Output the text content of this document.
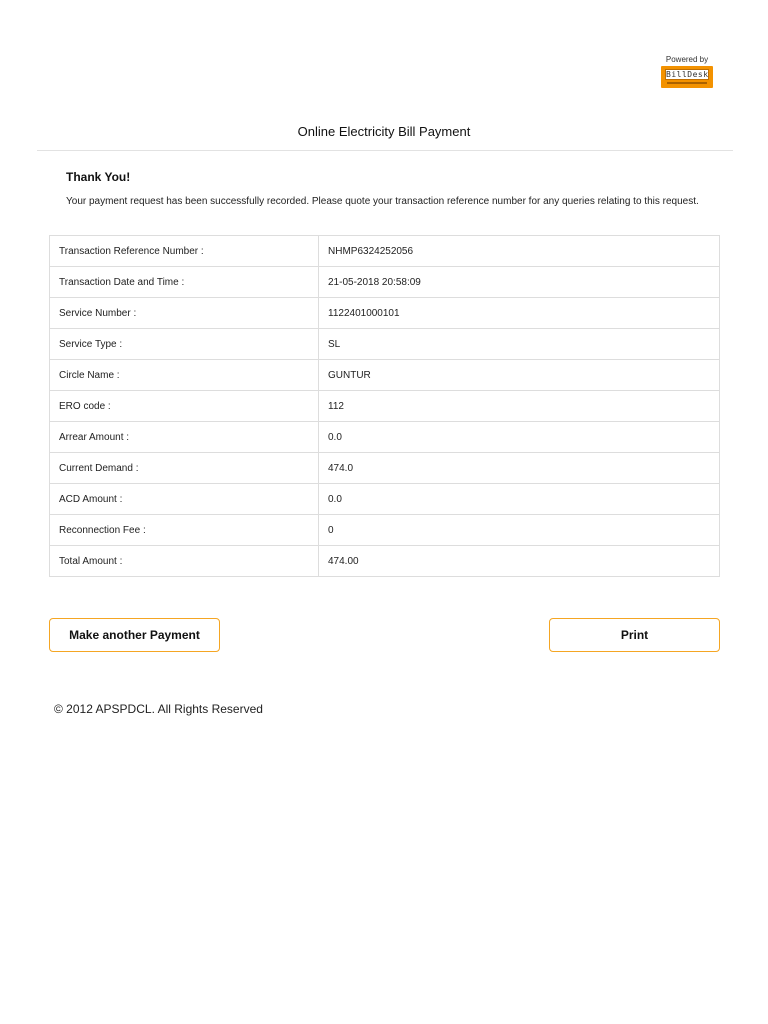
Powered by
BillDesk
Online Electricity Bill Payment
Thank You!
Your payment request has been successfully recorded. Please quote your transaction reference number for any queries relating to this request.
Transaction Reference Number :	NHMP6324252056
Transaction Date and Time :	21-05-2018 20:58:09
Service Number :	1122401000101
Service Type :	SL
Circle Name :	GUNTUR
ERO code :	112
Arrear Amount :	0.0
Current Demand :	474.0
ACD Amount :	0.0
Reconnection Fee :	0
Total Amount :	474.00
Make another Payment	Print
© 2012 APSPDCL. All Rights Reserved
